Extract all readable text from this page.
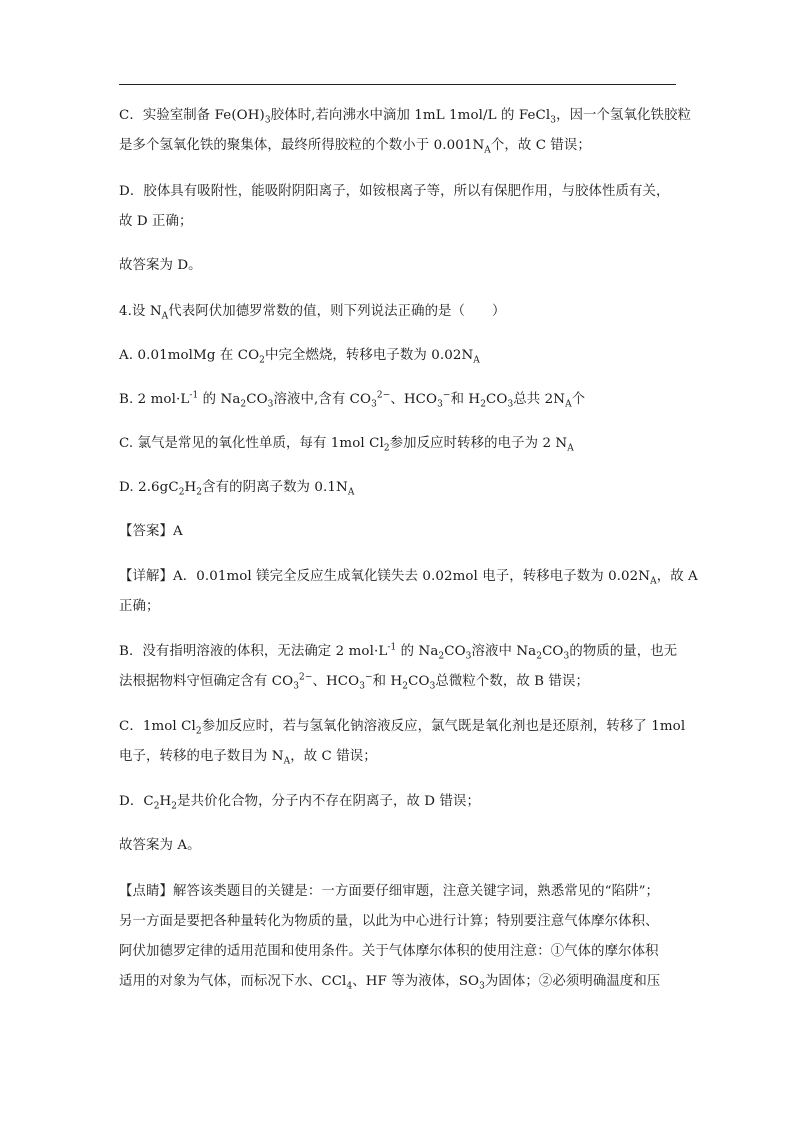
C．实验室制备 $Fe(OH)_3$胶体时,若向沸水中滴加 1mL 1mol/L 的 FeCl$_3$，因一个氢氧化铁胶粒
是多个氢氧化铁的聚集体，最终所得胶粒的个数小于 $0.001N_A$个，故 C 错误；
D．胶体具有吸附性，能吸附阴阳离子，如铵根离子等，所以有保肥作用，与胶体性质有关，
故 D 正确；
故答案为 D。
4.设 $N_A$代表阿伏加德罗常数的值，则下列说法正确的是（　　）
A. 0.01molMg 在 $CO_2$中完全燃烧，转移电子数为 $0.02N_A$
B. 2 $mol\cdot L^{-1}$ 的 $Na_2CO_3$溶液中,含有 $CO_3^{2-}$、$HCO_3^-$和 $H_2CO_3$总共 $2N_A$个
C. 氯气是常见的氧化性单质，每有 1mol $Cl_2$参加反应时转移的电子为 2 $N_A$
D. $2.6gC_2H_2$含有的阴离子数为 $0.1N_A$
【答案】A
【详解】A．0.01mol 镁完全反应生成氧化镁失去 0.02mol 电子，转移电子数为 $0.02N_A$，故 A
正确；
B．没有指明溶液的体积，无法确定 2 $mol\cdot L^{-1}$ 的 $Na_2CO_3$溶液中 $Na_2CO_3$的物质的量，也无
法根据物料守恒确定含有 $CO_3^{2-}$、$HCO_3^-$和 $H_2CO_3$总微粒个数，故 B 错误；
C．1mol $Cl_2$参加反应时，若与氢氧化钠溶液反应，氯气既是氧化剂也是还原剂，转移了 1mol
电子，转移的电子数目为 $N_A$，故 C 错误；
D．$C_2H_2$是共价化合物，分子内不存在阴离子，故 D 错误；
故答案为 A。
【点睛】解答该类题目的关键是：一方面要仔细审题，注意关键字词，熟悉常见的“陷阱”；
另一方面是要把各种量转化为物质的量，以此为中心进行计算；特别要注意气体摩尔体积、
阿伏加德罗定律的适用范围和使用条件。关于气体摩尔体积的使用注意：①气体的摩尔体积
适用的对象为气体，而标况下水、CCl$_4$、HF 等为液体，$SO_3$为固体；②必须明确温度和压
